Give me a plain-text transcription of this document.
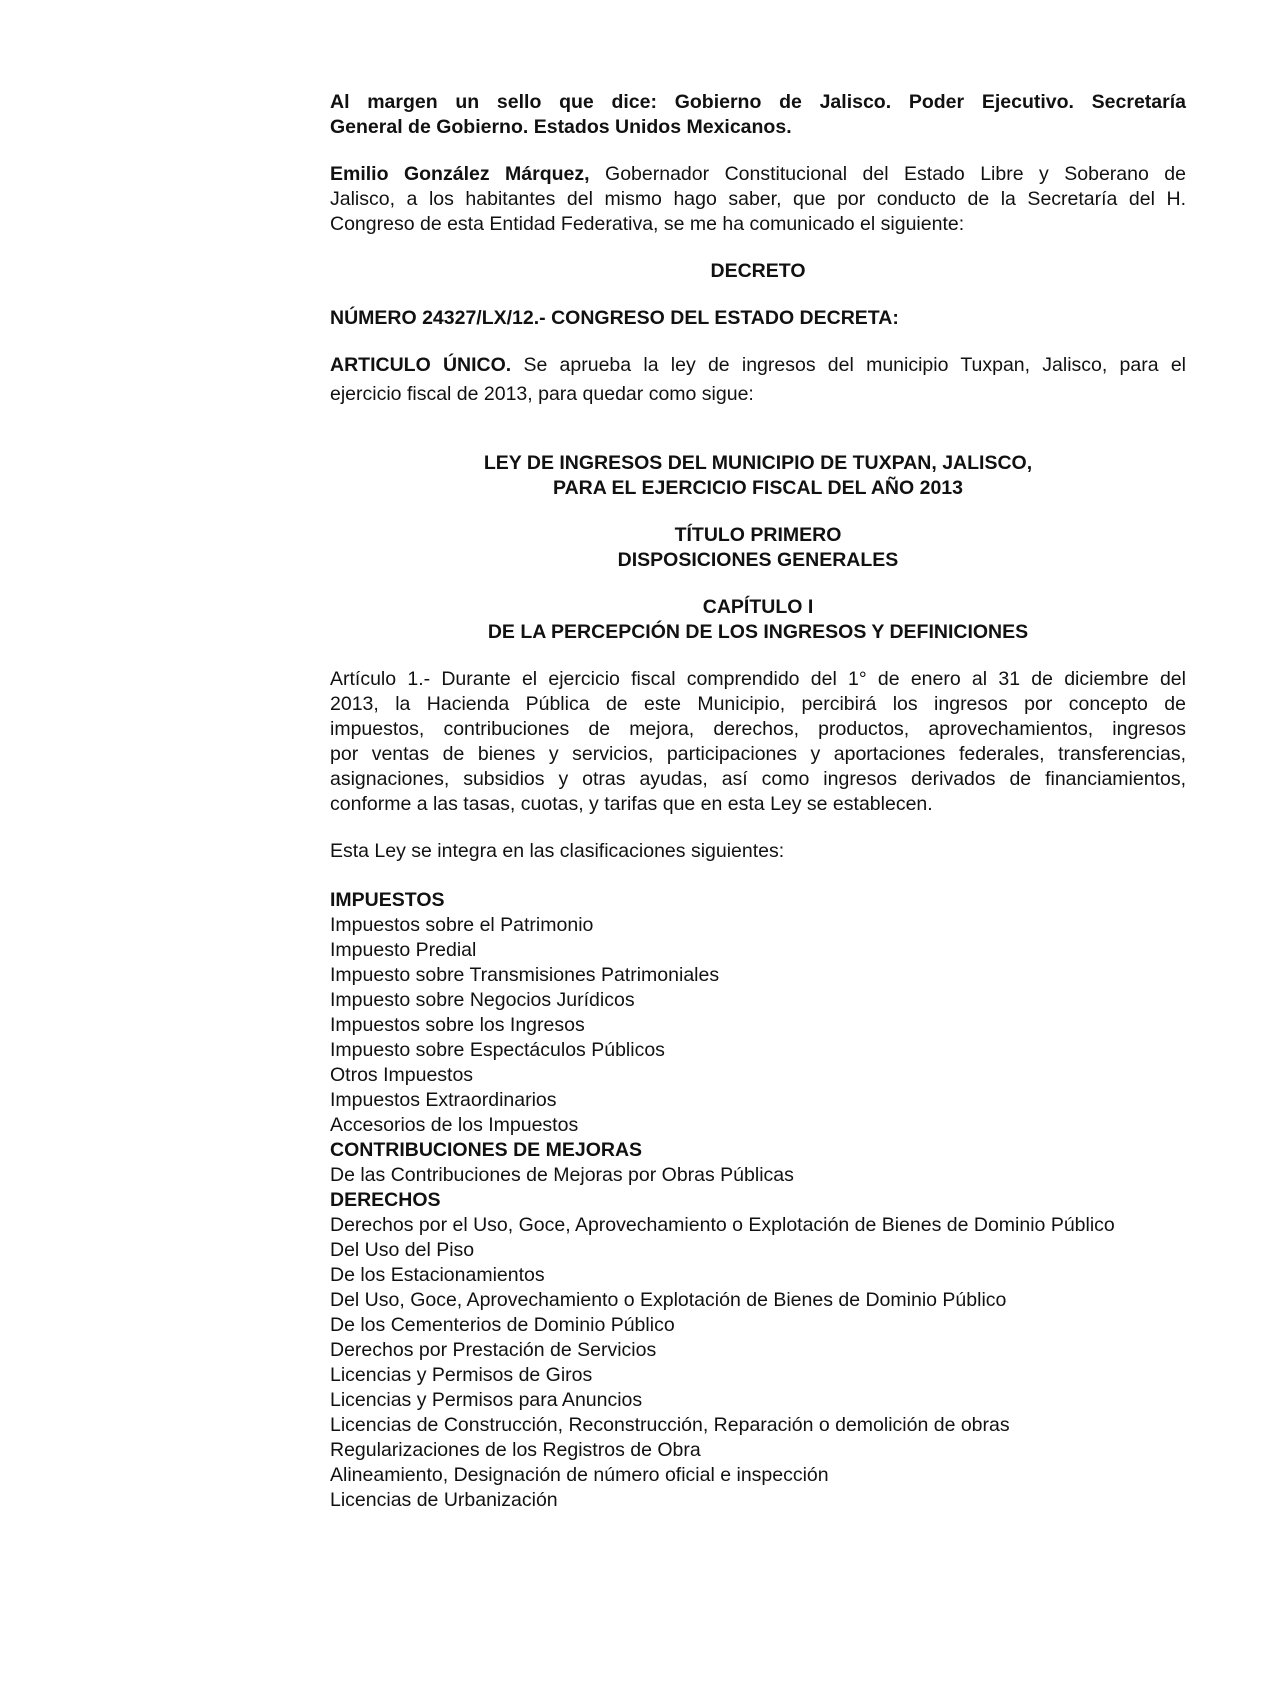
Al margen un sello que dice: Gobierno de Jalisco. Poder Ejecutivo. Secretaría
General de Gobierno. Estados Unidos Mexicanos.
Emilio González Márquez, Gobernador Constitucional del Estado Libre y Soberano de
Jalisco, a los habitantes del mismo hago saber, que por conducto de la Secretaría del H.
Congreso de esta Entidad Federativa, se me ha comunicado el siguiente:
DECRETO
NÚMERO 24327/LX/12.- CONGRESO DEL ESTADO DECRETA:
ARTICULO ÚNICO. Se aprueba la ley de ingresos del municipio Tuxpan, Jalisco, para el
ejercicio fiscal de 2013, para quedar como sigue:
LEY DE INGRESOS DEL MUNICIPIO DE TUXPAN, JALISCO,
PARA EL EJERCICIO FISCAL DEL AÑO 2013
TÍTULO PRIMERO
DISPOSICIONES GENERALES
CAPÍTULO I
DE LA PERCEPCIÓN DE LOS INGRESOS Y DEFINICIONES
Artículo 1.- Durante el ejercicio fiscal comprendido del 1° de enero al 31 de diciembre del
2013, la Hacienda Pública de este Municipio, percibirá los ingresos por concepto de
impuestos, contribuciones de mejora, derechos, productos, aprovechamientos, ingresos
por ventas de bienes y servicios, participaciones y aportaciones federales, transferencias,
asignaciones, subsidios y otras ayudas, así como ingresos derivados de financiamientos,
conforme a las tasas, cuotas, y tarifas que en esta Ley se establecen.
Esta Ley se integra en las clasificaciones siguientes:
IMPUESTOS
Impuestos sobre el Patrimonio
Impuesto Predial
Impuesto sobre Transmisiones Patrimoniales
Impuesto sobre Negocios Jurídicos
Impuestos sobre los Ingresos
Impuesto sobre Espectáculos Públicos
Otros Impuestos
Impuestos Extraordinarios
Accesorios de los Impuestos
CONTRIBUCIONES DE MEJORAS
De las Contribuciones de Mejoras por Obras Públicas
DERECHOS
Derechos por el Uso, Goce, Aprovechamiento o Explotación de Bienes de Dominio Público
Del Uso del Piso
De los Estacionamientos
Del Uso, Goce, Aprovechamiento o Explotación de Bienes de Dominio Público
De los Cementerios de Dominio Público
Derechos por Prestación de Servicios
Licencias y Permisos de Giros
Licencias y Permisos para Anuncios
Licencias de Construcción, Reconstrucción, Reparación o demolición de obras
Regularizaciones de los Registros de Obra
Alineamiento, Designación de número oficial e inspección
Licencias de Urbanización
